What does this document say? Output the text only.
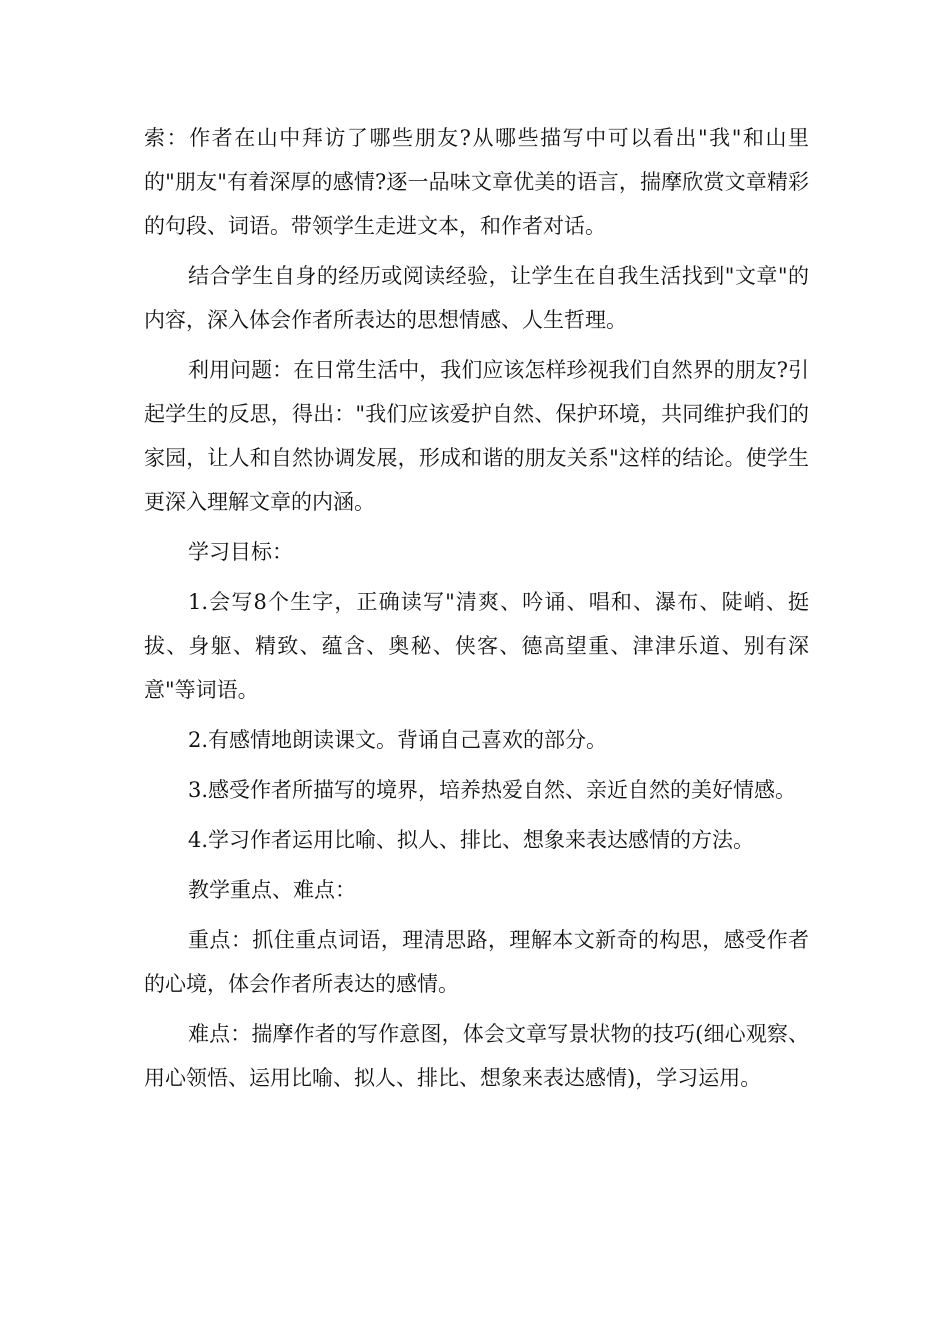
索：作者在山中拜访了哪些朋友?从哪些描写中可以看出"我"和山里的"朋友"有着深厚的感情?逐一品味文章优美的语言，揣摩欣赏文章精彩的句段、词语。带领学生走进文本，和作者对话。

结合学生自身的经历或阅读经验，让学生在自我生活找到"文章"的内容，深入体会作者所表达的思想情感、人生哲理。

利用问题：在日常生活中，我们应该怎样珍视我们自然界的朋友?引起学生的反思，得出："我们应该爱护自然、保护环境，共同维护我们的家园，让人和自然协调发展，形成和谐的朋友关系"这样的结论。使学生更深入理解文章的内涵。

学习目标：

1.会写8个生字，正确读写"清爽、吟诵、唱和、瀑布、陡峭、挺拔、身躯、精致、蕴含、奥秘、侠客、德高望重、津津乐道、别有深意"等词语。

2.有感情地朗读课文。背诵自己喜欢的部分。

3.感受作者所描写的境界，培养热爱自然、亲近自然的美好情感。

4.学习作者运用比喻、拟人、排比、想象来表达感情的方法。

教学重点、难点：

重点：抓住重点词语，理清思路，理解本文新奇的构思，感受作者的心境，体会作者所表达的感情。

难点：揣摩作者的写作意图，体会文章写景状物的技巧(细心观察、用心领悟、运用比喻、拟人、排比、想象来表达感情)，学习运用。
